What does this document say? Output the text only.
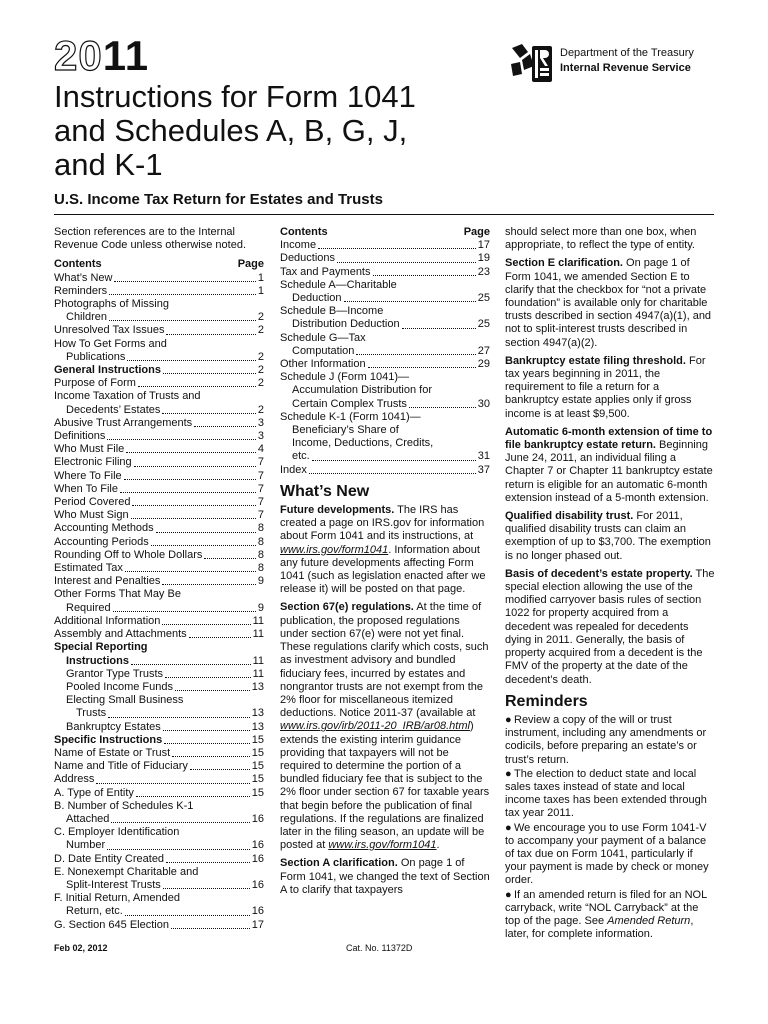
2011
Instructions for Form 1041
and Schedules A, B, G, J,
and K-1
U.S. Income Tax Return for Estates and Trusts
Department of the Treasury
Internal Revenue Service

Section references are to the Internal Revenue Code unless otherwise noted.

Contents	Page
What’s New	1
Reminders	1
Photographs of Missing
Children	2
Unresolved Tax Issues	2
How To Get Forms and
Publications	2
General Instructions	2
Purpose of Form	2
Income Taxation of Trusts and
Decedents’ Estates	2
Abusive Trust Arrangements	3
Definitions	3
Who Must File	4
Electronic Filing	7
Where To File	7
When To File	7
Period Covered	7
Who Must Sign	7
Accounting Methods	8
Accounting Periods	8
Rounding Off to Whole Dollars	8
Estimated Tax	8
Interest and Penalties	9
Other Forms That May Be
Required	9
Additional Information	11
Assembly and Attachments	11
Special Reporting
Instructions	11
Grantor Type Trusts	11
Pooled Income Funds	13
Electing Small Business
Trusts	13
Bankruptcy Estates	13
Specific Instructions	15
Name of Estate or Trust	15
Name and Title of Fiduciary	15
Address	15
A. Type of Entity	15
B. Number of Schedules K-1
Attached	16
C. Employer Identification
Number	16
D. Date Entity Created	16
E. Nonexempt Charitable and
Split-Interest Trusts	16
F. Initial Return, Amended
Return, etc.	16
G. Section 645 Election	17
Contents	Page
Income	17
Deductions	19
Tax and Payments	23
Schedule A—Charitable
Deduction	25
Schedule B—Income
Distribution Deduction	25
Schedule G—Tax
Computation	27
Other Information	29
Schedule J (Form 1041)—
Accumulation Distribution for
Certain Complex Trusts	30
Schedule K-1 (Form 1041)—
Beneficiary’s Share of
Income, Deductions, Credits,
etc.	31
Index	37
What’s New

Future developments. The IRS has created a page on IRS.gov for information about Form 1041 and its instructions, at www.irs.gov/form1041. Information about any future developments affecting Form 1041 (such as legislation enacted after we release it) will be posted on that page.

Section 67(e) regulations. At the time of publication, the proposed regulations under section 67(e) were not yet final. These regulations clarify which costs, such as investment advisory and bundled fiduciary fees, incurred by estates and nongrantor trusts are not exempt from the 2% floor for miscellaneous itemized deductions. Notice 2011-37 (available at www.irs.gov/irb/2011-20_IRB/ar08.html) extends the existing interim guidance providing that taxpayers will not be required to determine the portion of a bundled fiduciary fee that is subject to the 2% floor under section 67 for taxable years that begin before the publication of final regulations. If the regulations are finalized later in the filing season, an update will be posted at www.irs.gov/form1041.

Section A clarification. On page 1 of Form 1041, we changed the text of Section A to clarify that taxpayers

should select more than one box, when appropriate, to reflect the type of entity.

Section E clarification. On page 1 of Form 1041, we amended Section E to clarify that the checkbox for “not a private foundation” is available only for charitable trusts described in section 4947(a)(1), and not to split-interest trusts described in section 4947(a)(2).

Bankruptcy estate filing threshold. For tax years beginning in 2011, the requirement to file a return for a bankruptcy estate applies only if gross income is at least $9,500.

Automatic 6-month extension of time to file bankruptcy estate return. Beginning June 24, 2011, an individual filing a Chapter 7 or Chapter 11 bankruptcy estate return is eligible for an automatic 6-month extension instead of a 5-month extension.

Qualified disability trust. For 2011, qualified disability trusts can claim an exemption of up to $3,700. The exemption is no longer phased out.

Basis of decedent’s estate property. The special election allowing the use of the modified carryover basis rules of section 1022 for property acquired from a decedent was repealed for decedents dying in 2011. Generally, the basis of property acquired from a decedent is the FMV of the property at the date of the decedent’s death.

Reminders

● Review a copy of the will or trust instrument, including any amendments or codicils, before preparing an estate’s or trust’s return.

● The election to deduct state and local sales taxes instead of state and local income taxes has been extended through tax year 2011.

● We encourage you to use Form 1041-V to accompany your payment of a balance of tax due on Form 1041, particularly if your payment is made by check or money order.

● If an amended return is filed for an NOL carryback, write “NOL Carryback” at the top of the page. See Amended Return, later, for complete information.

Feb 02, 2012	Cat. No. 11372D
